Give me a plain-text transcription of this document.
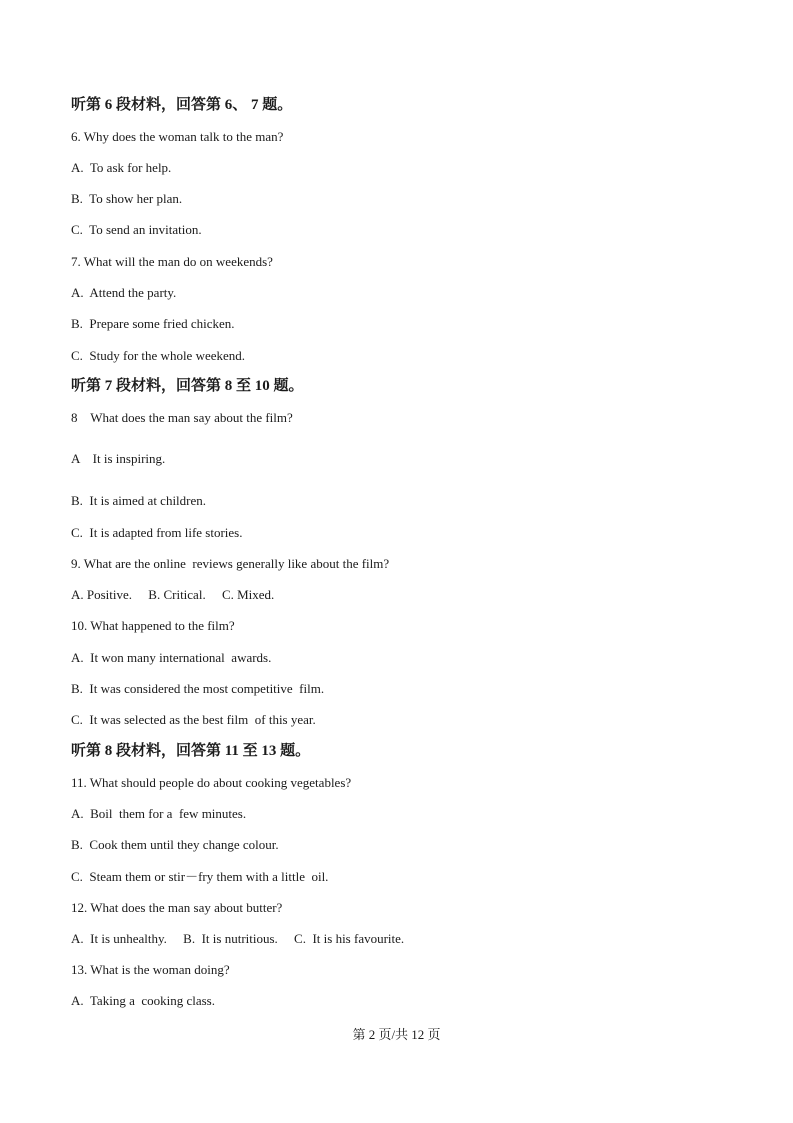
听第 6 段材料，回答第 6、 7 题。
6. Why does the woman talk to the man?
A.  To ask for help.
B.  To show her plan.
C.  To send an invitation.
7. What will the man do on weekends?
A.  Attend the party.
B.  Prepare some fried chicken.
C.  Study for the whole weekend.
听第 7 段材料，回答第 8 至 10 题。
8    What does the man say about the film?
A    It is inspiring.
B.  It is aimed at children.
C.  It is adapted from life stories.
9. What are the online  reviews generally like about the film?
A. Positive.     B. Critical.     C. Mixed.
10. What happened to the film?
A.  It won many international  awards.
B.  It was considered the most competitive  film.
C.  It was selected as the best film  of this year.
听第 8 段材料，回答第 11 至 13 题。
11. What should people do about cooking vegetables?
A.  Boil  them for a  few minutes.
B.  Cook them until they change colour.
C.  Steam them or stir－fry them with a little  oil.
12. What does the man say about butter?
A.  It is unhealthy.     B.  It is nutritious.     C.  It is his favourite.
13. What is the woman doing?
A.  Taking a  cooking class.
第 2 页/共 12 页
